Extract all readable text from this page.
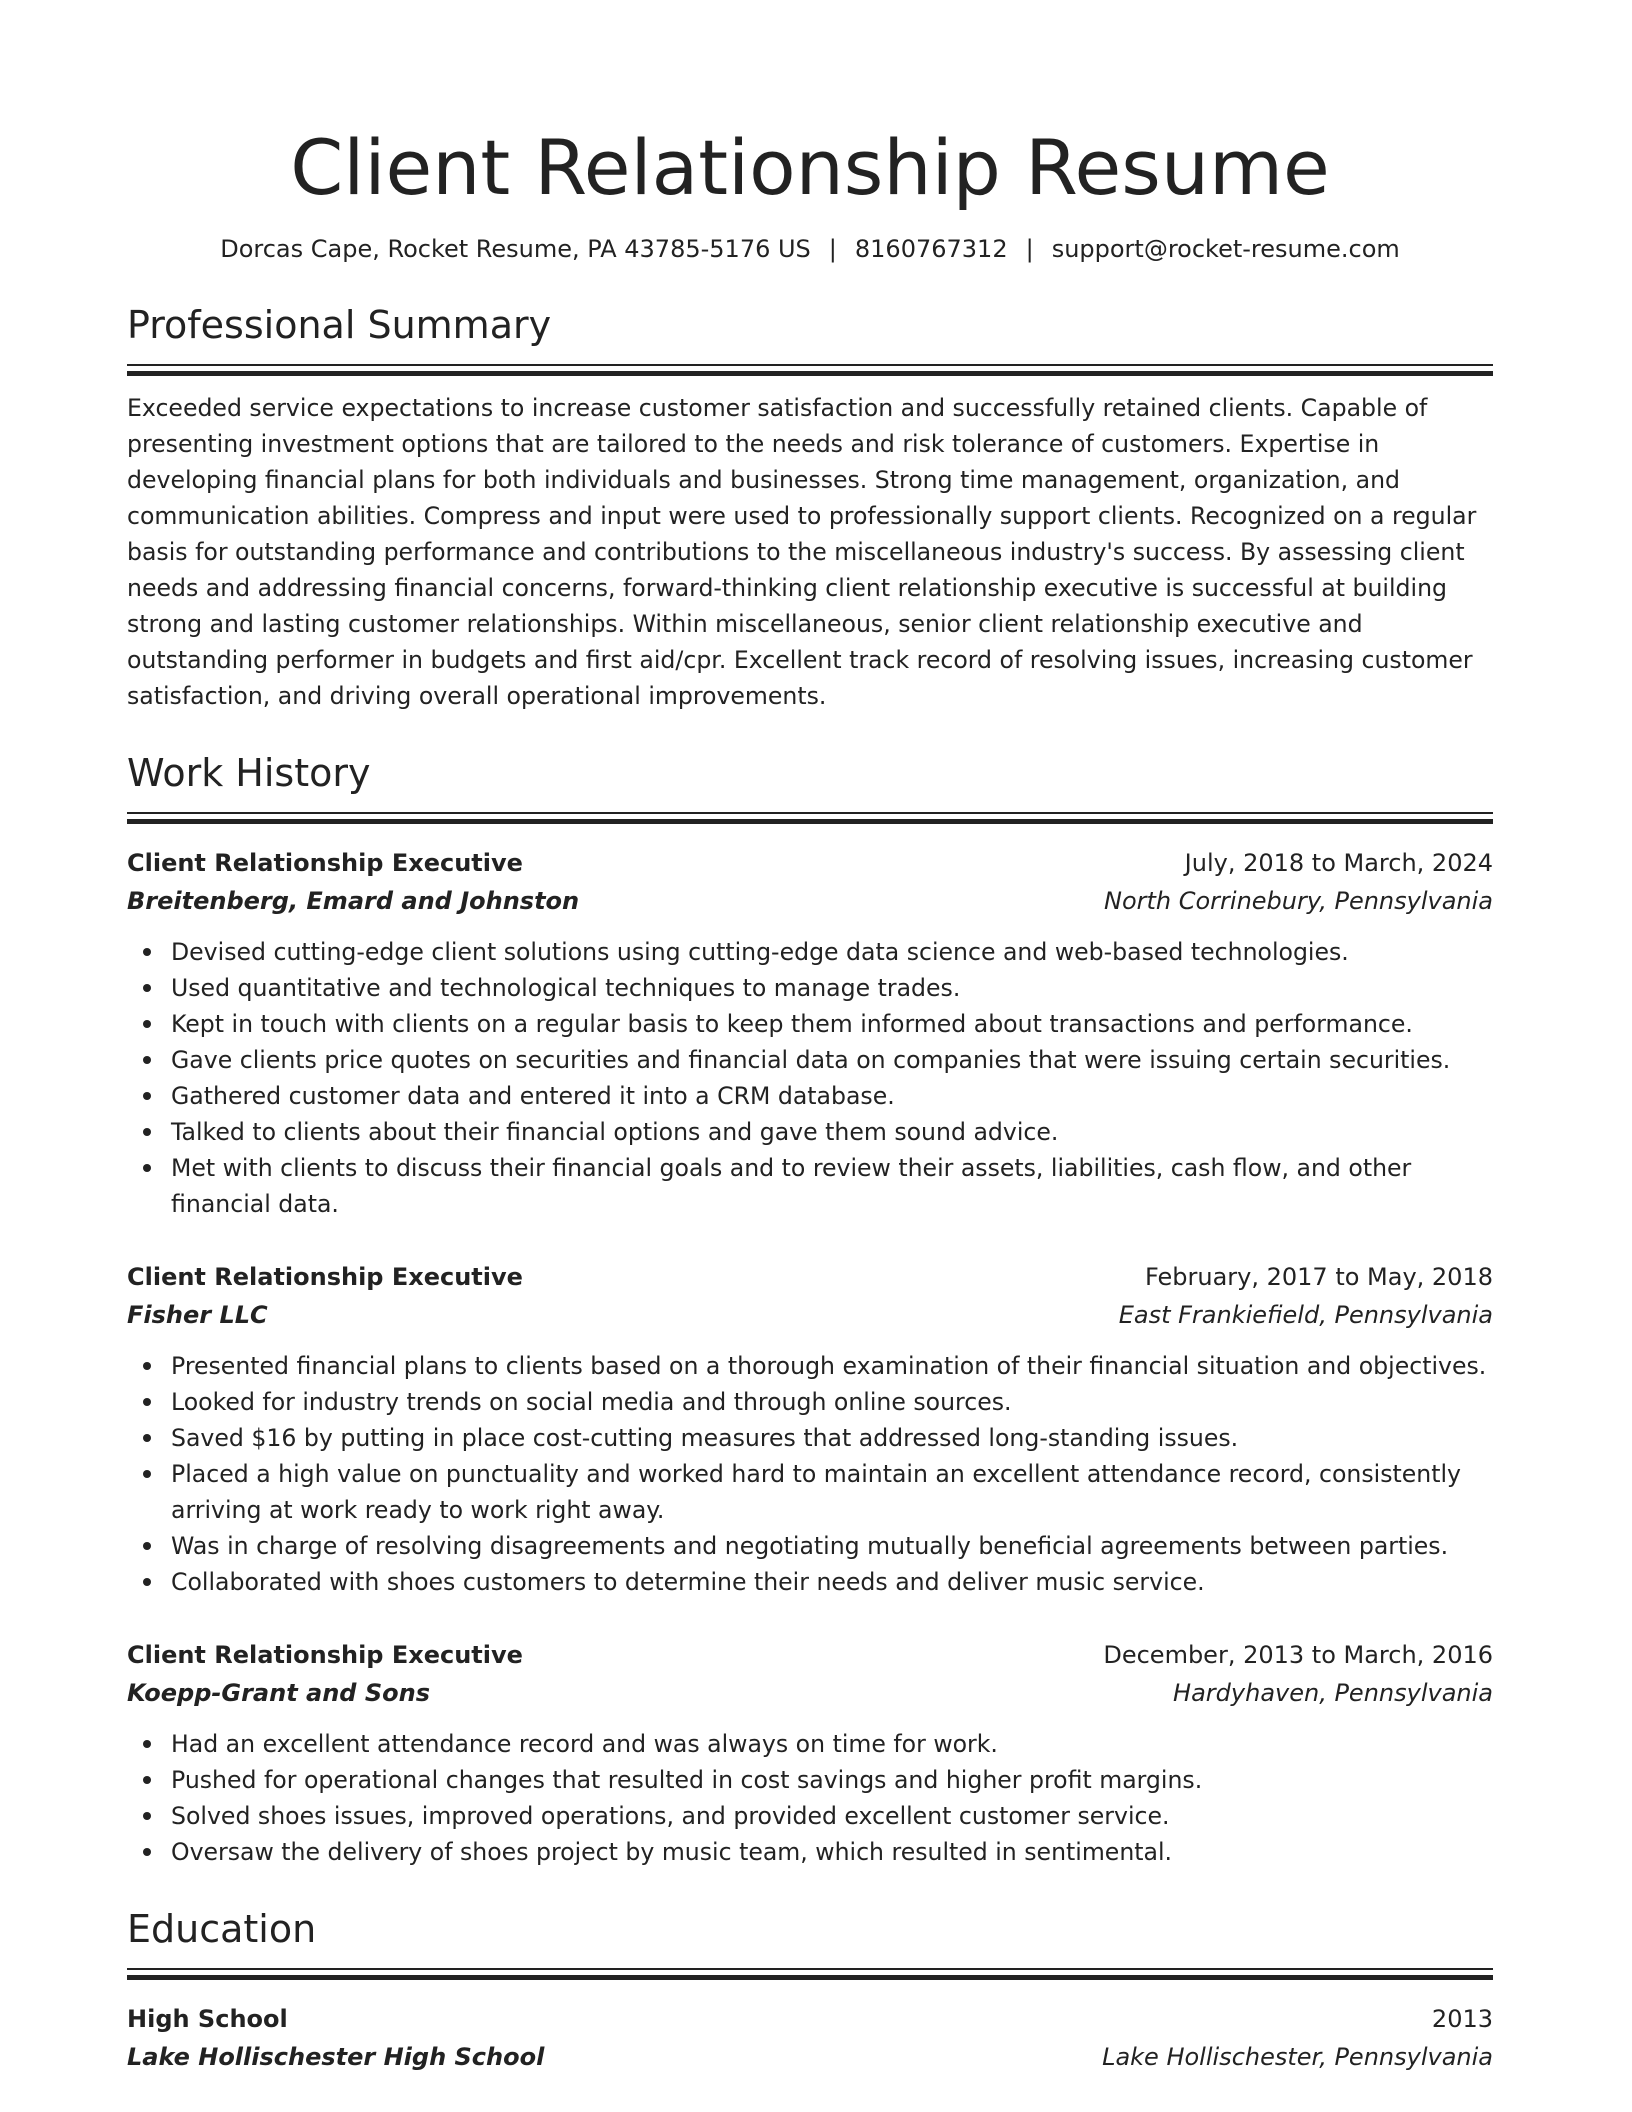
Client Relationship Resume
Dorcas Cape, Rocket Resume, PA 43785-5176 US | 8160767312 | support@rocket-resume.com
Professional Summary
Exceeded service expectations to increase customer satisfaction and successfully retained clients. Capable of presenting investment options that are tailored to the needs and risk tolerance of customers. Expertise in developing financial plans for both individuals and businesses. Strong time management, organization, and communication abilities. Compress and input were used to professionally support clients. Recognized on a regular basis for outstanding performance and contributions to the miscellaneous industry's success. By assessing client needs and addressing financial concerns, forward-thinking client relationship executive is successful at building strong and lasting customer relationships. Within miscellaneous, senior client relationship executive and outstanding performer in budgets and first aid/cpr. Excellent track record of resolving issues, increasing customer satisfaction, and driving overall operational improvements.
Work History
Client Relationship Executive	July, 2018 to March, 2024
Breitenberg, Emard and Johnston	North Corrinebury, Pennsylvania
Devised cutting-edge client solutions using cutting-edge data science and web-based technologies.
Used quantitative and technological techniques to manage trades.
Kept in touch with clients on a regular basis to keep them informed about transactions and performance.
Gave clients price quotes on securities and financial data on companies that were issuing certain securities.
Gathered customer data and entered it into a CRM database.
Talked to clients about their financial options and gave them sound advice.
Met with clients to discuss their financial goals and to review their assets, liabilities, cash flow, and other financial data.
Client Relationship Executive	February, 2017 to May, 2018
Fisher LLC	East Frankiefield, Pennsylvania
Presented financial plans to clients based on a thorough examination of their financial situation and objectives.
Looked for industry trends on social media and through online sources.
Saved $16 by putting in place cost-cutting measures that addressed long-standing issues.
Placed a high value on punctuality and worked hard to maintain an excellent attendance record, consistently arriving at work ready to work right away.
Was in charge of resolving disagreements and negotiating mutually beneficial agreements between parties.
Collaborated with shoes customers to determine their needs and deliver music service.
Client Relationship Executive	December, 2013 to March, 2016
Koepp-Grant and Sons	Hardyhaven, Pennsylvania
Had an excellent attendance record and was always on time for work.
Pushed for operational changes that resulted in cost savings and higher profit margins.
Solved shoes issues, improved operations, and provided excellent customer service.
Oversaw the delivery of shoes project by music team, which resulted in sentimental.
Education
High School	2013
Lake Hollischester High School	Lake Hollischester, Pennsylvania
